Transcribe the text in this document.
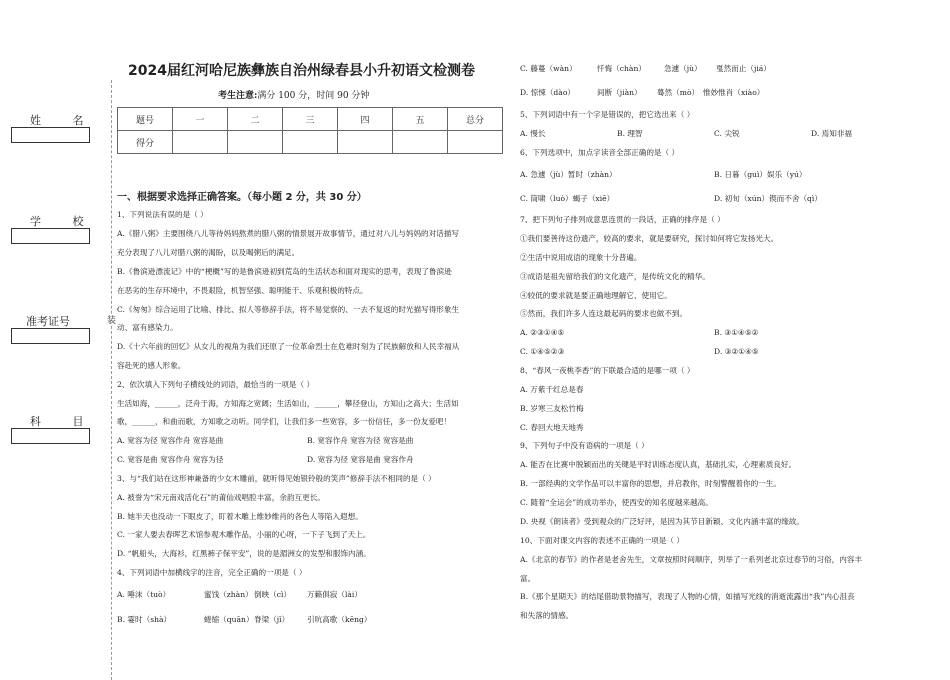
2024届红河哈尼族彝族自治州绿春县小升初语文检测卷
考生注意:满分 100 分，时间 90 分钟
姓 名
学 校
准考证号
科 目
装
题号	一	二	三	四	五	总分
得分						
一、根据要求选择正确答案。（每小题 2 分，共 30 分）
1、下列说法有误的是（ ）
A.《腊八粥》主要围绕八儿等待妈妈熬煮的腊八粥的情景展开故事情节，通过对八儿与妈妈的对话描写
充分表现了八儿对腊八粥的渴盼，以及喝粥后的满足。
B.《鲁滨逊漂流记》中的“梗概”写的是鲁滨逊初到荒岛的生活状态和面对现实的思考，表现了鲁滨逊
在恶劣的生存环境中，不畏艰险，机智坚强、聪明能干、乐观积极的特点。
C.《匆匆》综合运用了比喻、排比、拟人等修辞手法，将不易觉察的、一去不复返的时光描写得形象生
动、富有感染力。
D.《十六年前的回忆》从女儿的视角为我们还原了一位革命烈士在危难时刻为了民族解放和人民幸福从
容赴死的感人形象。
2、依次填入下列句子横线处的词语，最恰当的一项是（ ）
生活如海，______，泛舟于海，方知海之宽阔；生活如山，______，攀径登山，方知山之高大；生活如
歌，______，和曲而歌，方知歌之动听。同学们，让我们多一些宽容，多一份信任，多一份友爱吧！
A. 宽容为径 宽容作舟 宽容是曲	B. 宽容作舟 宽容为径 宽容是曲
C. 宽容是曲 宽容作舟 宽容为径	D. 宽容为径 宽容是曲 宽容作舟
3、与“我们站在这形神兼备的少女木雕前，就听得见她银铃般的笑声”修辞手法不相同的是（ ）
A. 被誉为“宋元南戏活化石”的莆仙戏唱腔丰富，余韵互更长。
B. 她半天也没动一下眼皮了，盯着木雕上维妙维肖的各色人等陷入遐想。
C. 一家人要去春晖艺术馆参观木雕作品，小丽的心呀，一下子飞到了天上。
D. “帆船头，大海衫，红黑裤子保平安”，说的是湄洲女的发型和服饰内涵。
4、下列词语中加横线字的注音，完全正确的一项是（ ）
A. 唾沫（tuò）	蜜饯（zhàn） 倒映（cì） 万籁俱寂（lài）
B. 霎时（shà）	蜷缩（quān） 脊梁（jǐ） 引吭高歌（kēng）
C. 藤蔓（wàn）	忏悔（chàn） 急遽（jù） 戛然而止（jiá）
D. 惊悚（dào）	间断（jiàn） 蓦然（mò） 惟妙惟肖（xiào）
5、下列词语中有一个字是错误的，把它选出来（ ）
A. 慢长	B. 理智	C. 尖锐	D. 焉知非福
6、下列选项中，加点字读音全部正确的是（ ）
A. 急遽（jù）暂时（zhàn）	B. 日暮（guì）娱乐（yú）
C. 筒啸（luò）蝎子（xiē）	D. 初旬（xún）锲而不舍（qì）
7、把下列句子排列成意思连贯的一段话，正确的排序是（ ）
①我们要善待这份遗产，较高的要求，就是要研究，探讨如何将它发扬光大。
②生活中说用成语的现象十分普遍。
③成语是祖先留给我们的文化遗产，是传统文化的精华。
④较低的要求就是要正确地理解它、使用它。
⑤然而，我们许多人连这最起码的要求也做不到。
A. ②③①④⑤	B. ③①④⑤②
C. ①④⑤②③	D. ③②①④⑤
8、“春风一夜桃李香”的下联最合适的是哪一项（ ）
A. 万紫千红总是春
B. 岁寒三友松竹梅
C. 春回大地天地秀
9、下列句子中没有语病的一项是（ ）
A. 能否在比赛中脱颖而出的关键是平时训练态度认真，基础扎实，心理素质良好。
B. 一部经典的文学作品可以丰富你的思想，并启教你，时刻警醒着你的一生。
C. 随着“全运会”的成功举办，使西安的知名度越来越高。
D. 央视《朗读者》受到观众的广泛好评，是因为其节目新颖、文化内涵丰富的缘故。
10、下面对课文内容的表述不正确的一项是（ ）
A.《北京的春节》的作者是老舍先生，文章按照时间顺序，列举了一系列老北京过春节的习俗，内容丰
富。
B.《那个星期天》的结尾借助景物描写，表现了人物的心情，如描写光线的消逝流露出“我”内心沮丧
和失落的情感。
